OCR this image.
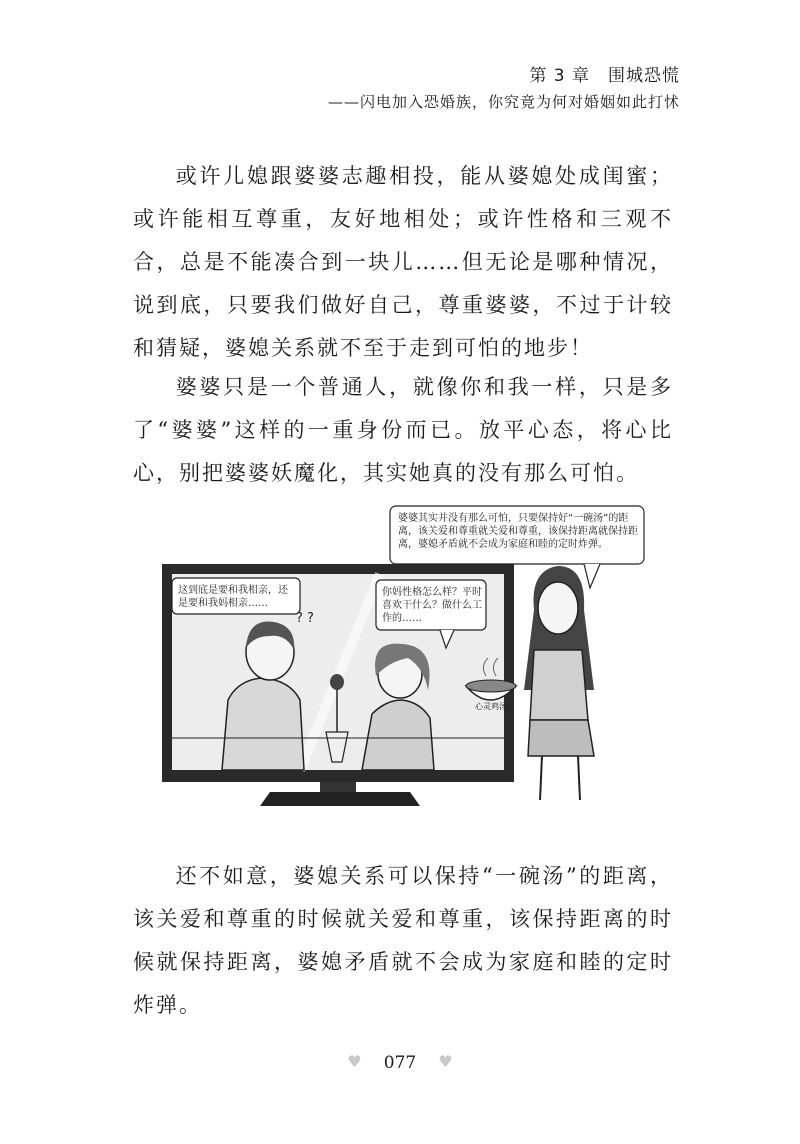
第 3 章　围城恐慌
——闪电加入恐婚族，你究竟为何对婚姻如此打怵

或许儿媳跟婆婆志趣相投，能从婆媳处成闺蜜；或许能相互尊重，友好地相处；或许性格和三观不合，总是不能凑合到一块儿……但无论是哪种情况，说到底，只要我们做好自己，尊重婆婆，不过于计较和猜疑，婆媳关系就不至于走到可怕的地步！

婆婆只是一个普通人，就像你和我一样，只是多了“婆婆”这样的一重身份而已。放平心态，将心比心，别把婆婆妖魔化，其实她真的没有那么可怕。

婆婆其实并没有那么可怕，只要保持好“一碗汤”的距离，该关爱和尊重就关爱和尊重，该保持距离就保持距离，婆媳矛盾就不会成为家庭和睦的定时炸弹。

这到底是要和我相亲，还是要和我妈相亲……

你妈性格怎么样？平时喜欢干什么？做什么工作的……

? ?
心灵鸡汤

还不如意，婆媳关系可以保持“一碗汤”的距离，该关爱和尊重的时候就关爱和尊重，该保持距离的时候就保持距离，婆媳矛盾就不会成为家庭和睦的定时炸弹。

♥ 077 ♥
